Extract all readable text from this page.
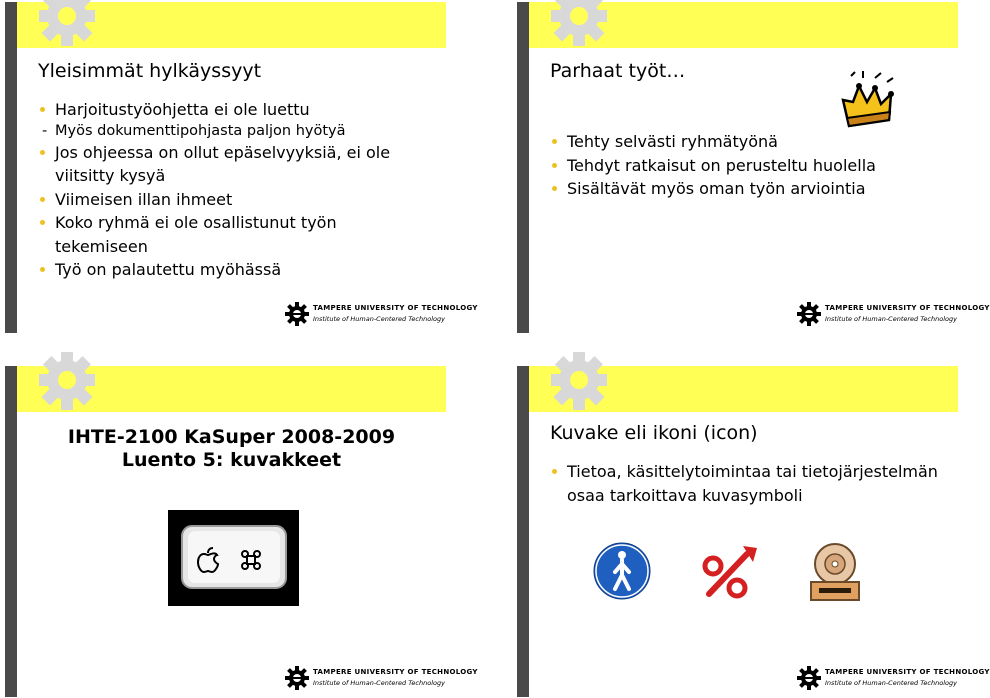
Yleisimmät hylkäyssyyt
Harjoitustyöohjetta ei ole luettu
- Myös dokumenttipohjasta paljon hyötyä
Jos ohjeessa on ollut epäselvyyksiä, ei ole
viitsitty kysyä
Viimeisen illan ihmeet
Koko ryhmä ei ole osallistunut työn
tekemiseen
Työ on palautettu myöhässä
TAMPERE UNIVERSITY OF TECHNOLOGY
Institute of Human-Centered Technology
Parhaat työt…
Tehty selvästi ryhmätyönä
Tehdyt ratkaisut on perusteltu huolella
Sisältävät myös oman työn arviointia
TAMPERE UNIVERSITY OF TECHNOLOGY
Institute of Human-Centered Technology
IHTE-2100 KaSuper 2008-2009
Luento 5: kuvakkeet
TAMPERE UNIVERSITY OF TECHNOLOGY
Institute of Human-Centered Technology
Kuvake eli ikoni (icon)
Tietoa, käsittelytoimintaa tai tietojärjestelmän
osaa tarkoittava kuvasymboli
TAMPERE UNIVERSITY OF TECHNOLOGY
Institute of Human-Centered Technology
